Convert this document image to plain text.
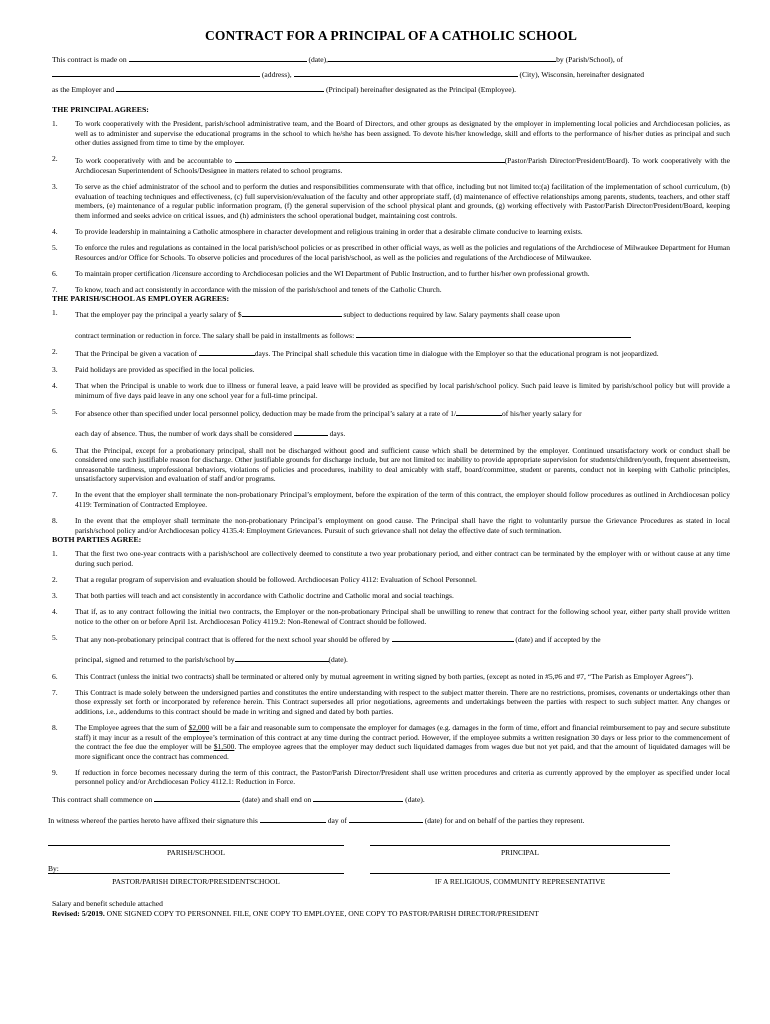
CONTRACT FOR A PRINCIPAL OF A CATHOLIC SCHOOL

This contract is made on	(date),	by (Parish/School), of

(address),	(City), Wisconsin, hereinafter designated

as the Employer and	(Principal) hereinafter designated as the Principal (Employee).

THE PRINCIPAL AGREES:
1. To work cooperatively with the President, parish/school administrative team, and the Board of Directors, and other groups as designated by the employer in implementing local policies and Archdiocesan policies, as well as to administer and supervise the educational programs in the school to which he/she has been assigned. To devote his/her knowledge, skill and efforts to the performance of his/her duties as principal and such other duties assigned from time to time by the employer.
2. To work cooperatively with and be accountable to	(Pastor/Parish Director/President/Board). To work cooperatively with the Archdiocesan Superintendent of Schools/Designee in matters related to school programs.
3. To serve as the chief administrator of the school and to perform the duties and responsibilities commensurate with that office, including but not limited to:(a) facilitation of the implementation of school curriculum, (b) evaluation of teaching techniques and effectiveness, (c) full supervision/evaluation of the faculty and other appropriate staff, (d) maintenance of effective relationships among parents, students, teachers, and other staff members, (e) maintenance of a regular public information program, (f) the general supervision of the school physical plant and grounds, (g) working effectively with Pastor/Parish Director/President/Board, keeping them informed and seeks advice on critical issues, and (h) administers the school operational budget, maintaining cost controls.
4. To provide leadership in maintaining a Catholic atmosphere in character development and religious training in order that a desirable climate conducive to learning exists.
5. To enforce the rules and regulations as contained in the local parish/school policies or as prescribed in other official ways, as well as the policies and regulations of the Archdiocese of Milwaukee Department for Human Resources and/or Office for Schools. To observe policies and procedures of the local parish/school, as well as the policies and regulations of the Archdiocese of Milwaukee.
6. To maintain proper certification /licensure according to Archdiocesan policies and the WI Department of Public Instruction, and to further his/her own professional growth.
7. To know, teach and act consistently in accordance with the mission of the parish/school and tenets of the Catholic Church.
THE PARISH/SCHOOL AS EMPLOYER AGREES:
1. That the employer pay the principal a yearly salary of $	subject to deductions required by law. Salary payments shall cease upon
contract termination or reduction in force. The salary shall be paid in installments as follows:
2. That the Principal be given a vacation of	days. The Principal shall schedule this vacation time in dialogue with the Employer so that the educational program is not jeopardized.
3. Paid holidays are provided as specified in the local policies.
4. That when the Principal is unable to work due to illness or funeral leave, a paid leave will be provided as specified by local parish/school policy. Such paid leave is limited by parish/school policy but will provide a minimum of five days paid leave in any one school year for a full-time principal.
5. For absence other than specified under local personnel policy, deduction may be made from the principal’s salary at a rate of 1/	of his/her yearly salary for
each day of absence. Thus, the number of work days shall be considered	days.
6. That the Principal, except for a probationary principal, shall not be discharged without good and sufficient cause which shall be determined by the employer. Continued unsatisfactory work or conduct shall be considered one such justifiable reason for discharge. Other justifiable grounds for discharge include, but are not limited to: inability to provide appropriate supervision for students/children/youth, frequent absenteeism, unreasonable tardiness, unprofessional behaviors, violations of policies and procedures, inability to deal amicably with staff, board/committee, student or parents, conduct not in keeping with Catholic principles, unsatisfactory supervision and evaluation of staff and/or programs.
7. In the event that the employer shall terminate the non-probationary Principal’s employment, before the expiration of the term of this contract, the employer should follow procedures as outlined in Archdiocesan policy 4119: Termination of Contracted Employee.
8. In the event that the employer shall terminate the non-probationary Principal’s employment on good cause. The Principal shall have the right to voluntarily pursue the Grievance Procedures as stated in local parish/school policy and/or Archdiocesan policy 4135.4: Employment Grievances. Pursuit of such grievance shall not delay the effective date of such termination.
BOTH PARTIES AGREE:
1. That the first two one-year contracts with a parish/school are collectively deemed to constitute a two year probationary period, and either contract can be terminated by the employer with or without cause at any time during such period.
2. That a regular program of supervision and evaluation should be followed. Archdiocesan Policy 4112: Evaluation of School Personnel.
3. That both parties will teach and act consistently in accordance with Catholic doctrine and Catholic moral and social teachings.
4. That if, as to any contract following the initial two contracts, the Employer or the non-probationary Principal shall be unwilling to renew that contract for the following school year, either party shall provide written notice to the other on or before April 1st. Archdiocesan Policy 4119.2: Non-Renewal of Contract should be followed.
5. That any non-probationary principal contract that is offered for the next school year should be offered by	(date) and if accepted by the
principal, signed and returned to the parish/school by	(date).
6. This Contract (unless the initial two contracts) shall be terminated or altered only by mutual agreement in writing signed by both parties, (except as noted in #5,#6 and #7, “The Parish as Employer Agrees”).
7. This Contract is made solely between the undersigned parties and constitutes the entire understanding with respect to the subject matter therein. There are no restrictions, promises, covenants or undertakings other than those expressly set forth or incorporated by reference herein. This Contract supersedes all prior negotiations, agreements and undertakings between the parties with respect to such subject matter. Any changes or additions, i.e., addendums to this contract should be made in writing and signed and dated by both parties.
8. The Employee agrees that the sum of $2,000 will be a fair and reasonable sum to compensate the employer for damages (e.g. damages in the form of time, effort and financial reimbursement to pay and secure substitute staff) it may incur as a result of the employee’s termination of this contract at any time during the contract period. However, if the employee submits a written resignation 30 days or less prior to the commencement of the contract the fee due the employer will be $1,500. The employee agrees that the employer may deduct such liquidated damages from wages due but not yet paid, and that the amount of liquidated damages will be more significant once the contract has commenced.
9. If reduction in force becomes necessary during the term of this contract, the Pastor/Parish Director/President shall use written procedures and criteria as currently approved by the employer as specified under local personnel policy and/or Archdiocesan Policy 4112.1: Reduction in Force.

This contract shall commence on	(date) and shall end on	(date).

In witness whereof the parties hereto have affixed their signature this	day of	(date) for and on behalf of the parties they represent.

PARISH/SCHOOL	PRINCIPAL
By:
PASTOR/PARISH DIRECTOR/PRESIDENTSCHOOL	IF A RELIGIOUS, COMMUNITY REPRESENTATIVE

Salary and benefit schedule attached

Revised: 5/2019. ONE SIGNED COPY TO PERSONNEL FILE, ONE COPY TO EMPLOYEE, ONE COPY TO PASTOR/PARISH DIRECTOR/PRESIDENT
